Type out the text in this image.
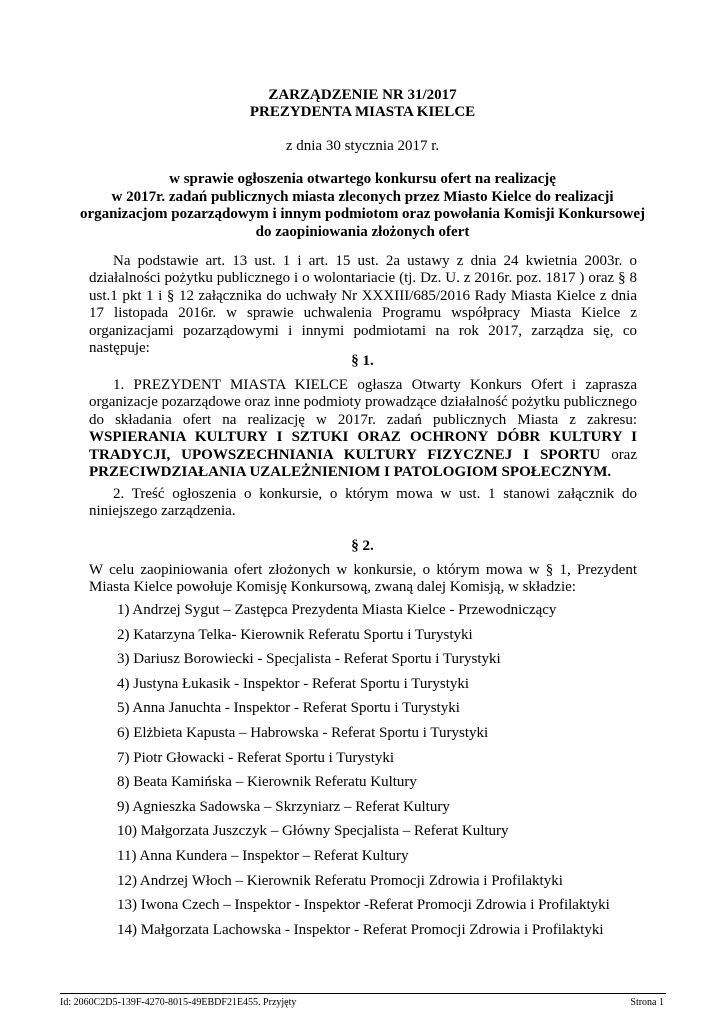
ZARZĄDZENIE NR 31/2017
PREZYDENTA MIASTA KIELCE
z dnia 30 stycznia 2017 r.
w sprawie ogłoszenia otwartego konkursu ofert na realizację
w 2017r. zadań publicznych miasta zleconych przez Miasto Kielce do realizacji
organizacjom pozarządowym i innym podmiotom oraz powołania Komisji Konkursowej
do zaopiniowania złożonych ofert
Na podstawie art. 13 ust. 1 i art. 15 ust. 2a ustawy z dnia 24 kwietnia 2003r. o działalności pożytku publicznego i o wolontariacie (tj. Dz. U. z 2016r. poz. 1817 ) oraz § 8 ust.1 pkt 1 i § 12 załącznika do uchwały Nr XXXIII/685/2016 Rady Miasta Kielce z dnia 17 listopada 2016r. w sprawie uchwalenia Programu współpracy Miasta Kielce z organizacjami pozarządowymi i innymi podmiotami na rok 2017, zarządza się, co następuje:
§ 1.
1. PREZYDENT MIASTA KIELCE ogłasza Otwarty Konkurs Ofert i zaprasza organizacje pozarządowe oraz inne podmioty prowadzące działalność pożytku publicznego do składania ofert na realizację w 2017r. zadań publicznych Miasta z zakresu: WSPIERANIA KULTURY I SZTUKI ORAZ OCHRONY DÓBR KULTURY I TRADYCJI, UPOWSZECHNIANIA KULTURY FIZYCZNEJ I SPORTU oraz PRZECIWDZIAŁANIA UZALEŻNIENIOM I PATOLOGIOM SPOŁECZNYM.
2. Treść ogłoszenia o konkursie, o którym mowa w ust. 1 stanowi załącznik do niniejszego zarządzenia.
§ 2.
W celu zaopiniowania ofert złożonych w konkursie, o którym mowa w § 1, Prezydent Miasta Kielce powołuje Komisję Konkursową, zwaną dalej Komisją, w składzie:
1) Andrzej Sygut – Zastępca Prezydenta Miasta Kielce - Przewodniczący
2) Katarzyna Telka- Kierownik Referatu Sportu i Turystyki
3) Dariusz Borowiecki - Specjalista - Referat Sportu i Turystyki
4) Justyna Łukasik - Inspektor - Referat Sportu i Turystyki
5) Anna Januchta - Inspektor - Referat Sportu i Turystyki
6) Elżbieta Kapusta – Habrowska - Referat Sportu i Turystyki
7) Piotr Głowacki - Referat Sportu i Turystyki
8) Beata Kamińska – Kierownik Referatu Kultury
9) Agnieszka Sadowska – Skrzyniarz – Referat Kultury
10) Małgorzata Juszczyk – Główny Specjalista – Referat Kultury
11) Anna Kundera – Inspektor – Referat Kultury
12) Andrzej Włoch – Kierownik Referatu Promocji Zdrowia i Profilaktyki
13) Iwona Czech – Inspektor - Inspektor -Referat Promocji Zdrowia i Profilaktyki
14) Małgorzata Lachowska - Inspektor - Referat Promocji Zdrowia i Profilaktyki
Id: 2060C2D5-139F-4270-8015-49EBDF21E455. Przyjęty	Strona 1
